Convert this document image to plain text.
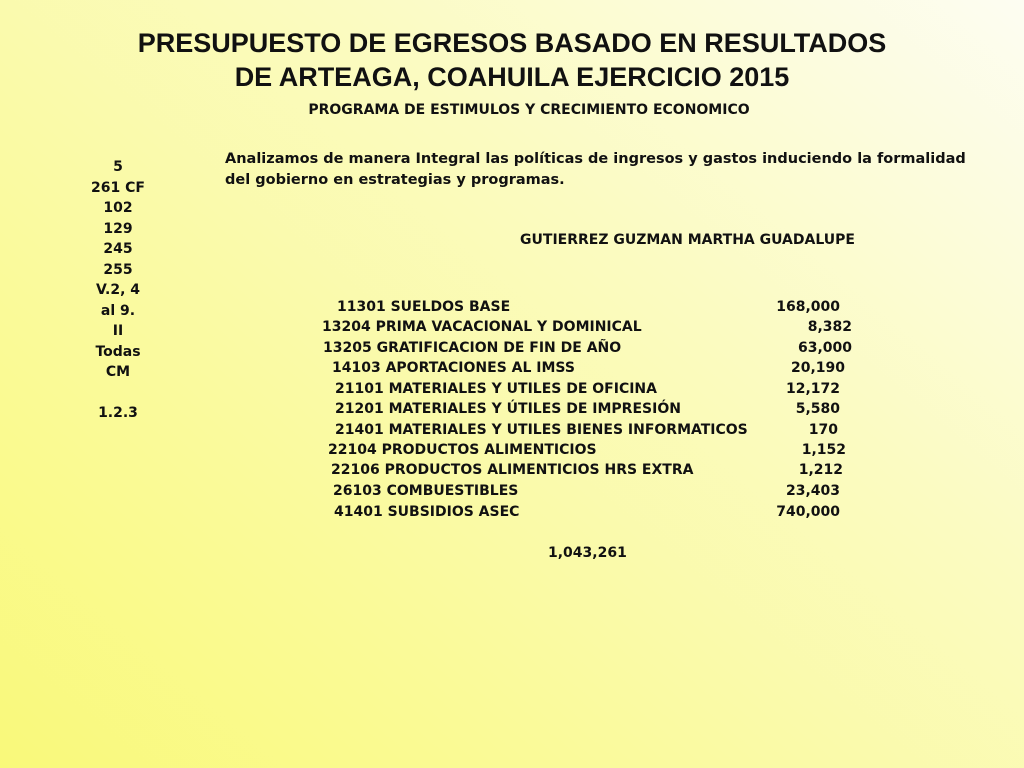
PRESUPUESTO DE EGRESOS BASADO EN RESULTADOS
DE ARTEAGA, COAHUILA EJERCICIO 2015
PROGRAMA DE ESTIMULOS Y CRECIMIENTO ECONOMICO
5
261 CF
102
129
245
255
V.2, 4
al 9.
II
Todas
CM
1.2.3
Analizamos de manera Integral las políticas de ingresos y gastos induciendo la formalidad del gobierno en estrategias y programas.
GUTIERREZ GUZMAN MARTHA GUADALUPE
11301 SUELDOS BASE	168,000
13204 PRIMA VACACIONAL Y DOMINICAL	8,382
13205 GRATIFICACION DE FIN DE AÑO	63,000
14103 APORTACIONES AL IMSS	20,190
21101 MATERIALES Y UTILES DE OFICINA	12,172
21201 MATERIALES Y ÚTILES DE IMPRESIÓN	5,580
21401 MATERIALES Y UTILES BIENES INFORMATICOS	170
22104 PRODUCTOS ALIMENTICIOS	1,152
22106 PRODUCTOS ALIMENTICIOS HRS EXTRA	1,212
26103 COMBUESTIBLES	23,403
41401 SUBSIDIOS ASEC	740,000
1,043,261
